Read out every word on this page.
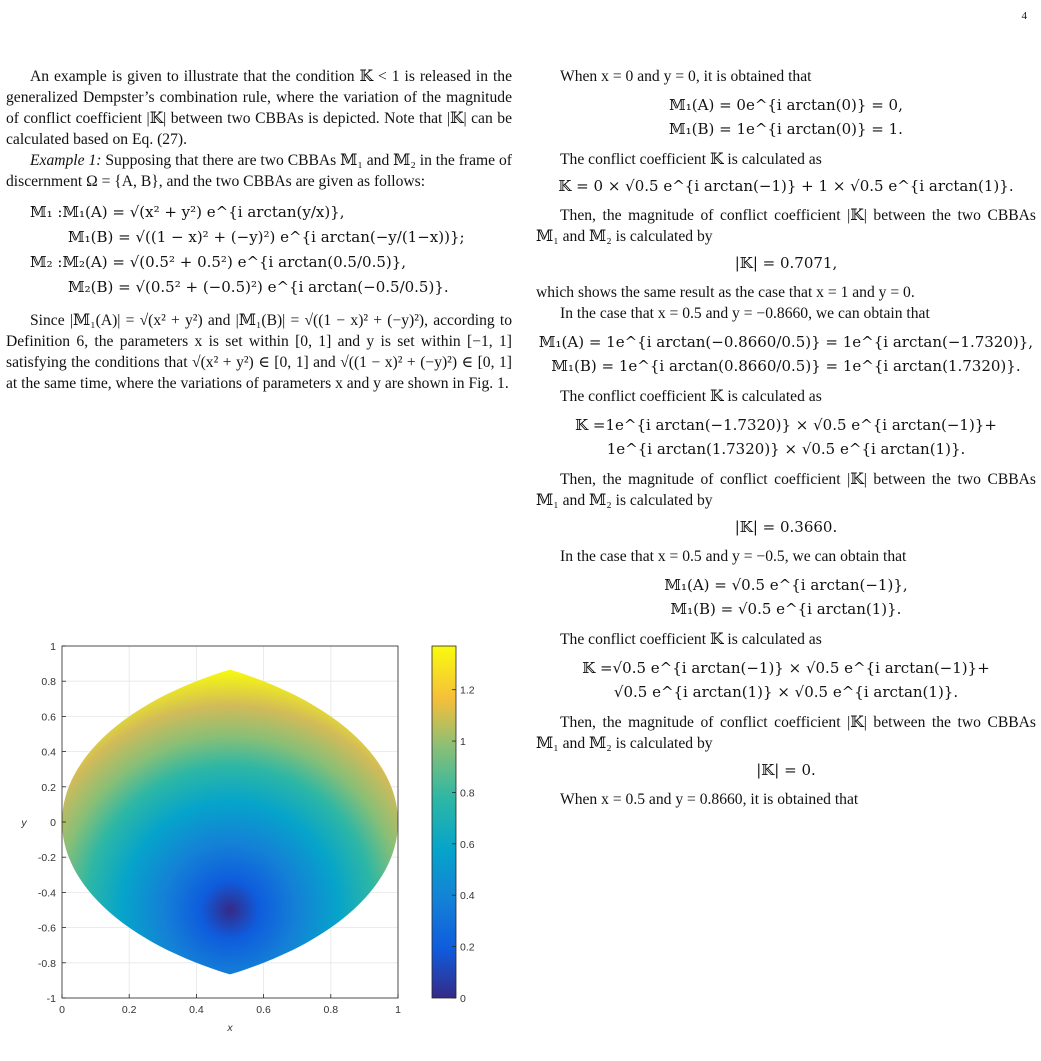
4

An example is given to illustrate that the condition 𝕂 < 1 is released in the generalized Dempster’s combination rule, where the variation of the magnitude of conflict coefficient |𝕂| between two CBBAs is depicted. Note that |𝕂| can be calculated based on Eq. (27).

Example 1: Supposing that there are two CBBAs 𝕄₁ and 𝕄₂ in the frame of discernment Ω = {A, B}, and the two CBBAs are given as follows:

𝕄₁ :𝕄₁(A) = √(x² + y²) e^{i arctan(y/x)},
𝕄₁(B) = √((1 − x)² + (−y)²) e^{i arctan(−y/(1−x))};
𝕄₂ :𝕄₂(A) = √(0.5² + 0.5²) e^{i arctan(0.5/0.5)},
𝕄₂(B) = √(0.5² + (−0.5)²) e^{i arctan(−0.5/0.5)}.

Since |𝕄₁(A)| = √(x² + y²) and |𝕄₁(B)| = √((1 − x)² + (−y)²), according to Definition 6, the parameters x is set within [0, 1] and y is set within [−1, 1] satisfying the conditions that √(x² + y²) ∈ [0, 1] and √((1 − x)² + (−y)²) ∈ [0, 1] at the same time, where the variations of parameters x and y are shown in Fig. 1.

0	0.2	0.4	0.6	0.8	1
1
0.8
0.6
0.4
0.2
0
-0.2
-0.4
-0.6
-0.8
-1
1.2
1
0.8
0.6
0.4
0.2
0
x
y

When x = 0 and y = 0, it is obtained that

𝕄₁(A) = 0e^{i arctan(0)} = 0,
𝕄₁(B) = 1e^{i arctan(0)} = 1.

The conflict coefficient 𝕂 is calculated as

𝕂 = 0 × √0.5 e^{i arctan(−1)} + 1 × √0.5 e^{i arctan(1)}.

Then, the magnitude of conflict coefficient |𝕂| between the two CBBAs 𝕄₁ and 𝕄₂ is calculated by

|𝕂| = 0.7071,

which shows the same result as the case that x = 1 and y = 0.

In the case that x = 0.5 and y = −0.8660, we can obtain that

𝕄₁(A) = 1e^{i arctan(−0.8660/0.5)} = 1e^{i arctan(−1.7320)},
𝕄₁(B) = 1e^{i arctan(0.8660/0.5)} = 1e^{i arctan(1.7320)}.

The conflict coefficient 𝕂 is calculated as

𝕂 =1e^{i arctan(−1.7320)} × √0.5 e^{i arctan(−1)}+
1e^{i arctan(1.7320)} × √0.5 e^{i arctan(1)}.

Then, the magnitude of conflict coefficient |𝕂| between the two CBBAs 𝕄₁ and 𝕄₂ is calculated by

|𝕂| = 0.3660.

In the case that x = 0.5 and y = −0.5, we can obtain that

𝕄₁(A) = √0.5 e^{i arctan(−1)},
𝕄₁(B) = √0.5 e^{i arctan(1)}.

The conflict coefficient 𝕂 is calculated as

𝕂 =√0.5 e^{i arctan(−1)} × √0.5 e^{i arctan(−1)}+
√0.5 e^{i arctan(1)} × √0.5 e^{i arctan(1)}.

Then, the magnitude of conflict coefficient |𝕂| between the two CBBAs 𝕄₁ and 𝕄₂ is calculated by

|𝕂| = 0.

When x = 0.5 and y = 0.8660, it is obtained that
